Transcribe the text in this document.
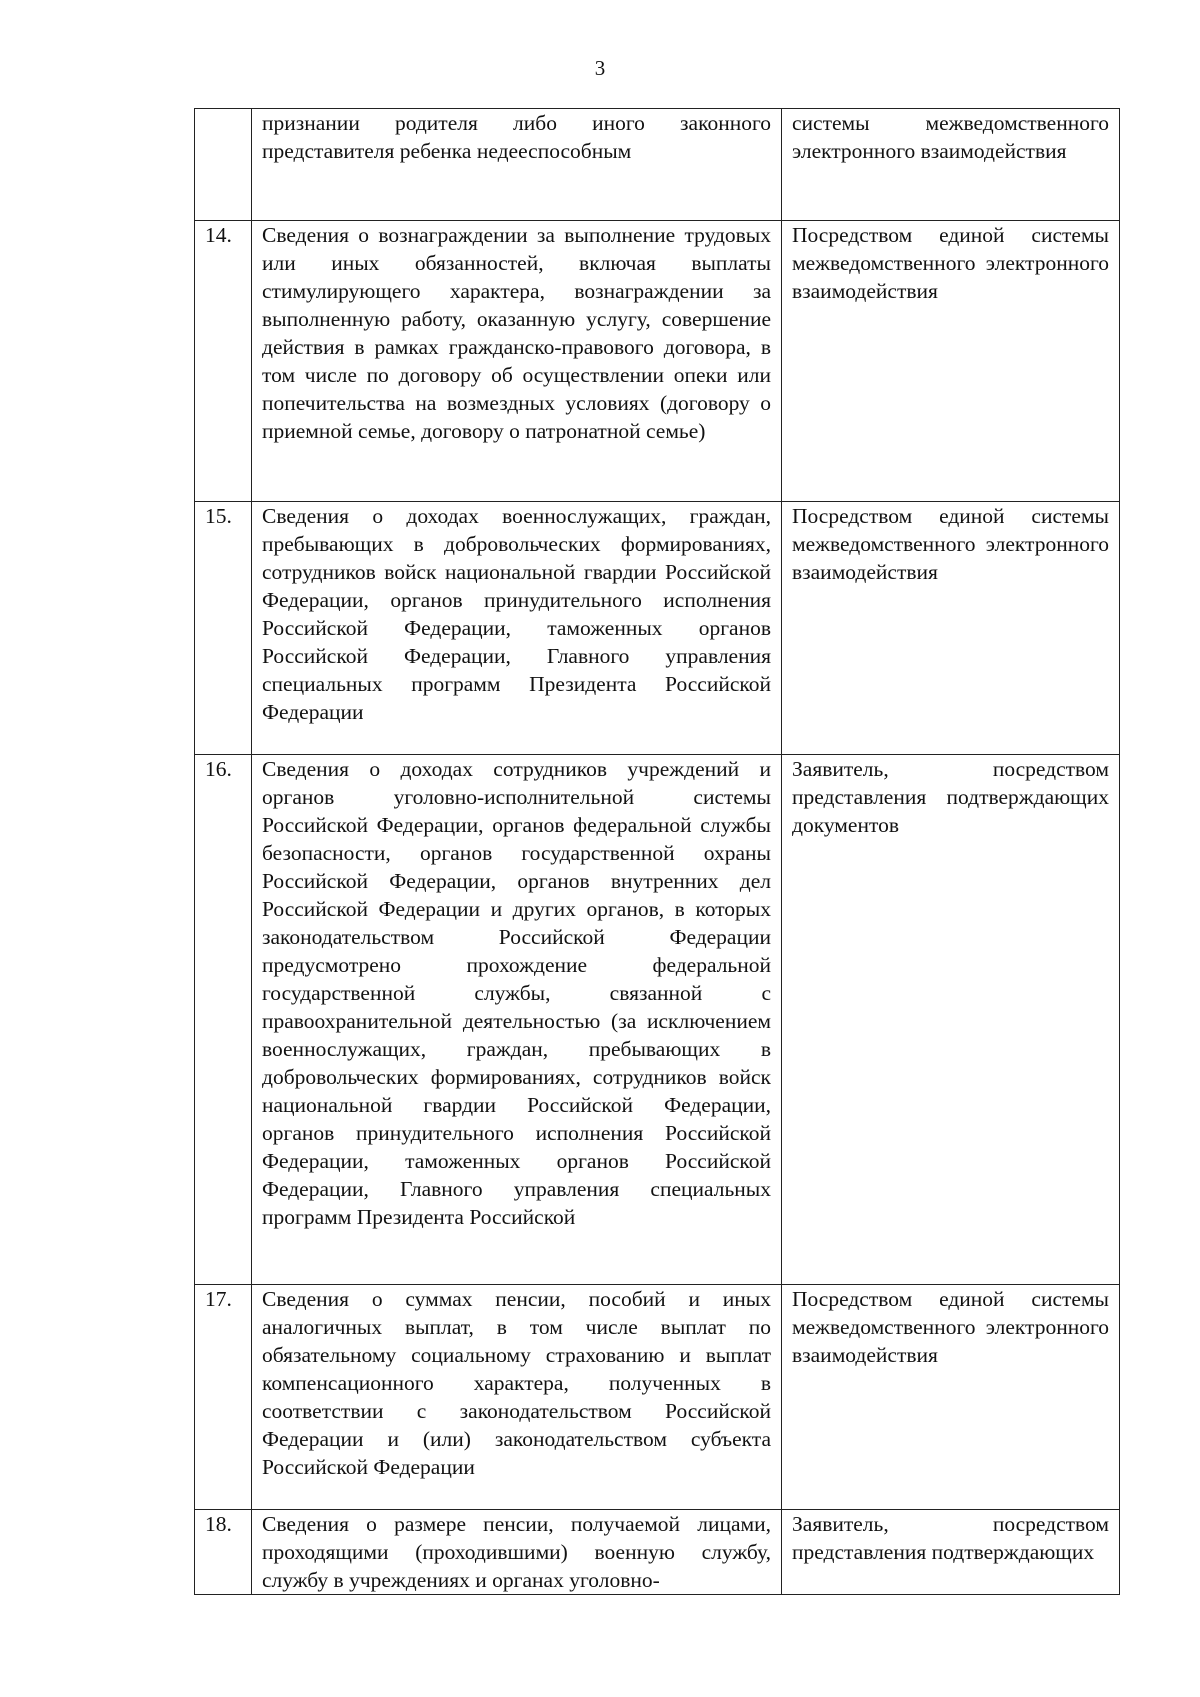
3

	признании родителя либо иного законного представителя ребенка недееспособным	системы межведомственного электронного взаимодействия

14.	Сведения о вознаграждении за выполнение трудовых или иных обязанностей, включая выплаты стимулирующего характера, вознаграждении за выполненную работу, оказанную услугу, совершение действия в рамках гражданско-правового договора, в том числе по договору об осуществлении опеки или попечительства на возмездных условиях (договору о приемной семье, договору о патронатной семье)	Посредством единой системы межведомственного электронного взаимодействия

15.	Сведения о доходах военнослужащих, граждан, пребывающих в добровольческих формированиях, сотрудников войск национальной гвардии Российской Федерации, органов принудительного исполнения Российской Федерации, таможенных органов Российской Федерации, Главного управления специальных программ Президента Российской Федерации	Посредством единой системы межведомственного электронного взаимодействия

16.	Сведения о доходах сотрудников учреждений и органов уголовно-исполнительной системы Российской Федерации, органов федеральной службы безопасности, органов государственной охраны Российской Федерации, органов внутренних дел Российской Федерации и других органов, в которых законодательством Российской Федерации предусмотрено прохождение федеральной государственной службы, связанной с правоохранительной деятельностью (за исключением военнослужащих, граждан, пребывающих в добровольческих формированиях, сотрудников войск национальной гвардии Российской Федерации, органов принудительного исполнения Российской Федерации, таможенных органов Российской Федерации, Главного управления специальных программ Президента Российской	Заявитель, посредством представления подтверждающих документов

17.	Сведения о суммах пенсии, пособий и иных аналогичных выплат, в том числе выплат по обязательному социальному страхованию и выплат компенсационного характера, полученных в соответствии с законодательством Российской Федерации и (или) законодательством субъекта Российской Федерации	Посредством единой системы межведомственного электронного взаимодействия

18.	Сведения о размере пенсии, получаемой лицами, проходящими (проходившими) военную службу, службу в учреждениях и органах уголовно-	Заявитель, посредством представления подтверждающих
